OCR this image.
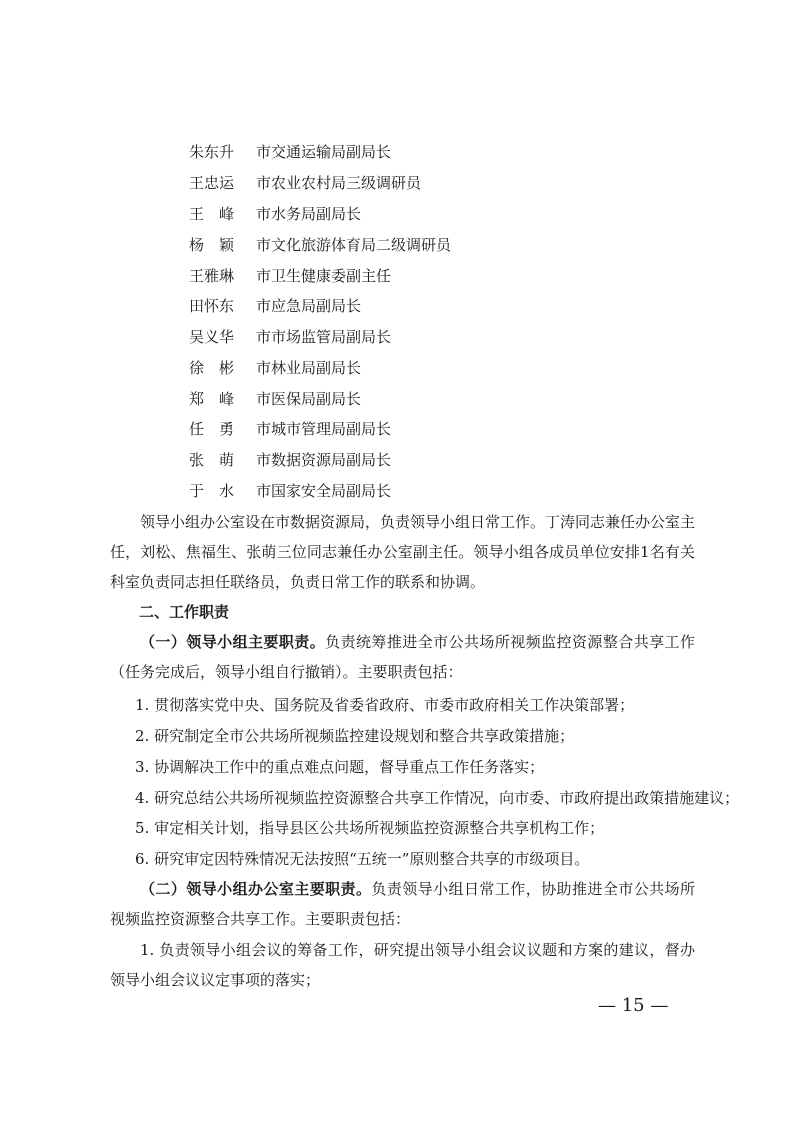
朱东升 市交通运输局副局长
王忠运 市农业农村局三级调研员
王　峰 市水务局副局长
杨　颖 市文化旅游体育局二级调研员
王雅琳 市卫生健康委副主任
田怀东 市应急局副局长
吴义华 市市场监管局副局长
徐　彬 市林业局副局长
郑　峰 市医保局副局长
任　勇 市城市管理局副局长
张　萌 市数据资源局副局长
于　水 市国家安全局副局长
领导小组办公室设在市数据资源局，负责领导小组日常工作。丁涛同志兼任办公室主任，刘松、焦福生、张萌三位同志兼任办公室副主任。领导小组各成员单位安排1名有关科室负责同志担任联络员，负责日常工作的联系和协调。
二、工作职责
（一）领导小组主要职责。负责统筹推进全市公共场所视频监控资源整合共享工作（任务完成后，领导小组自行撤销）。主要职责包括：
1. 贯彻落实党中央、国务院及省委省政府、市委市政府相关工作决策部署；
2. 研究制定全市公共场所视频监控建设规划和整合共享政策措施；
3. 协调解决工作中的重点难点问题，督导重点工作任务落实；
4. 研究总结公共场所视频监控资源整合共享工作情况，向市委、市政府提出政策措施建议；
5. 审定相关计划，指导县区公共场所视频监控资源整合共享机构工作；
6. 研究审定因特殊情况无法按照“五统一”原则整合共享的市级项目。
（二）领导小组办公室主要职责。负责领导小组日常工作，协助推进全市公共场所视频监控资源整合共享工作。主要职责包括：
1. 负责领导小组会议的筹备工作，研究提出领导小组会议议题和方案的建议，督办领导小组会议议定事项的落实；
— 15 —
